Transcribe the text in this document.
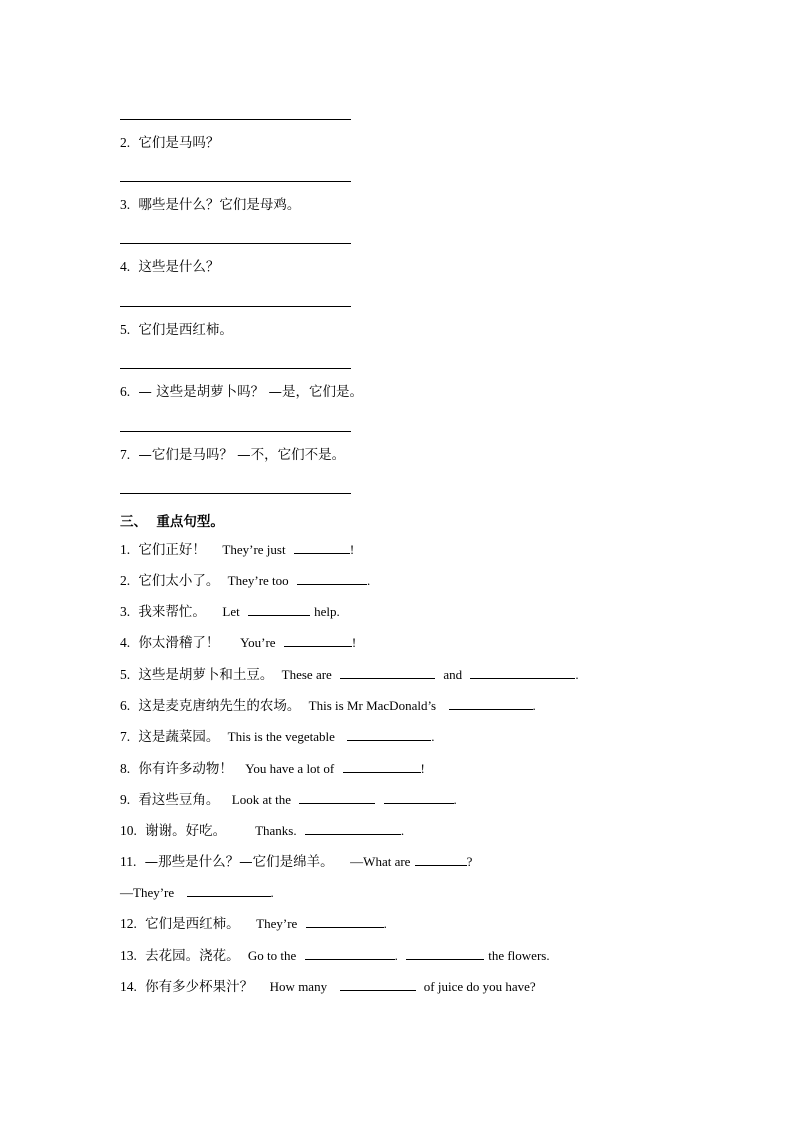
2. 它们是马吗？
3. 哪些是什么？它们是母鸡。
4. 这些是什么？
5. 它们是西红柿。
6. — 这些是胡萝卜吗？ —是，它们是。
7. —它们是马吗？ —不，它们不是。
三、 重点句型。
1. 它们正好！ They’re just	!
2. 它们太小了。 They’re too	.
3. 我来帮忙。 Let	help.
4. 你太滑稽了！ You’re	!
5. 这些是胡萝卜和土豆。 These are	and	.
6. 这是麦克唐纳先生的农场。 This is Mr MacDonald’s	.
7. 这是蔬菜园。 This is the vegetable	.
8. 你有许多动物！ You have a lot of	!
9. 看这些豆角。 Look at the	.
10. 谢谢。好吃。 Thanks.	.
11. —那些是什么？—它们是绵羊。 —What are	?
—They’re	.
12. 它们是西红柿。 They’re	.
13. 去花园。浇花。 Go to the	.	the flowers.
14. 你有多少杯果汁？ How many	of juice do you have?
